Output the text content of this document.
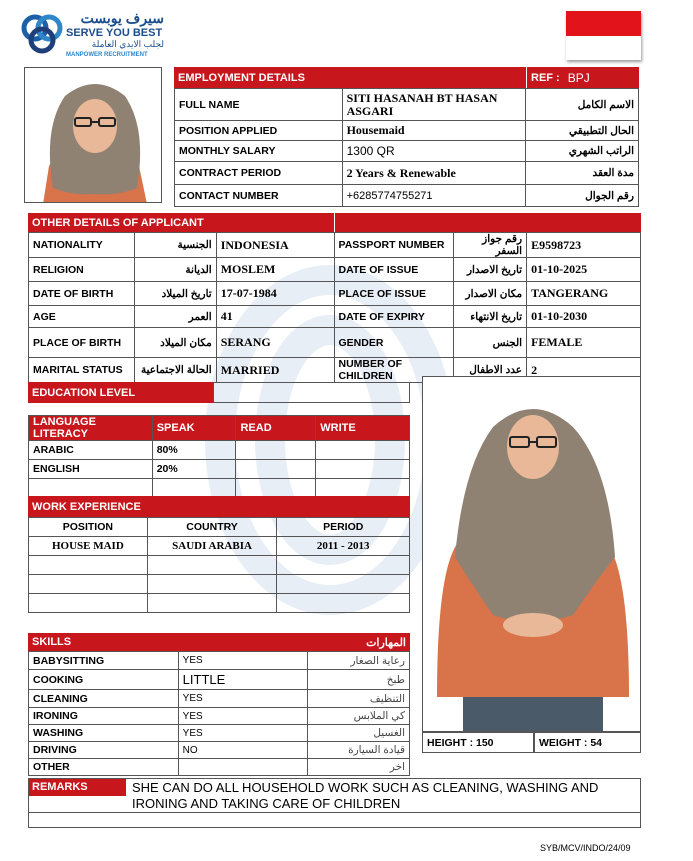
سيرف يوبست
SERVE YOU BEST
لجلب الايدي العاملة
MANPOWER RECRUITMENT
EMPLOYMENT DETAILS	REF : BPJ
FULL NAME	SITI HASANAH BT HASAN ASGARI	الاسم الكامل
POSITION APPLIED	Housemaid	الحال التطبيقي
MONTHLY SALARY	1300 QR	الراتب الشهري
CONTRACT PERIOD	2 Years & Renewable	مدة العقد
CONTACT NUMBER	+6285774755271	رقم الجوال
OTHER DETAILS OF APPLICANT
NATIONALITY	الجنسية	INDONESIA	PASSPORT NUMBER	رقم جواز السفر	E9598723
RELIGION	الديانة	MOSLEM	DATE OF ISSUE	تاريخ الاصدار	01-10-2025
DATE OF BIRTH	تاريخ الميلاد	17-07-1984	PLACE OF ISSUE	مكان الاصدار	TANGERANG
AGE	العمر	41	DATE OF EXPIRY	تاريخ الانتهاء	01-10-2030
PLACE OF BIRTH	مكان الميلاد	SERANG	GENDER	الجنس	FEMALE
MARITAL STATUS	الحالة الاجتماعية	MARRIED	NUMBER OF CHILDREN	عدد الاطفال	2
EDUCATION LEVEL
LANGUAGE LITERACY	SPEAK	READ	WRITE
ARABIC	80%		
ENGLISH	20%		

WORK EXPERIENCE
POSITION	COUNTRY	PERIOD
HOUSE MAID	SAUDI ARABIA	2011 - 2013

SKILLS	المهارات
BABYSITTING	YES	رعاية الصغار
COOKING	LITTLE	طبخ
CLEANING	YES	التنظيف
IRONING	YES	كي الملابس
WASHING	YES	الغسيل
DRIVING	NO	قيادة السيارة
OTHER		اخر
HEIGHT : 150	WEIGHT : 54
REMARKS	SHE CAN DO ALL HOUSEHOLD WORK SUCH AS CLEANING, WASHING AND
IRONING AND TAKING CARE OF CHILDREN
SYB/MCV/INDO/24/09
